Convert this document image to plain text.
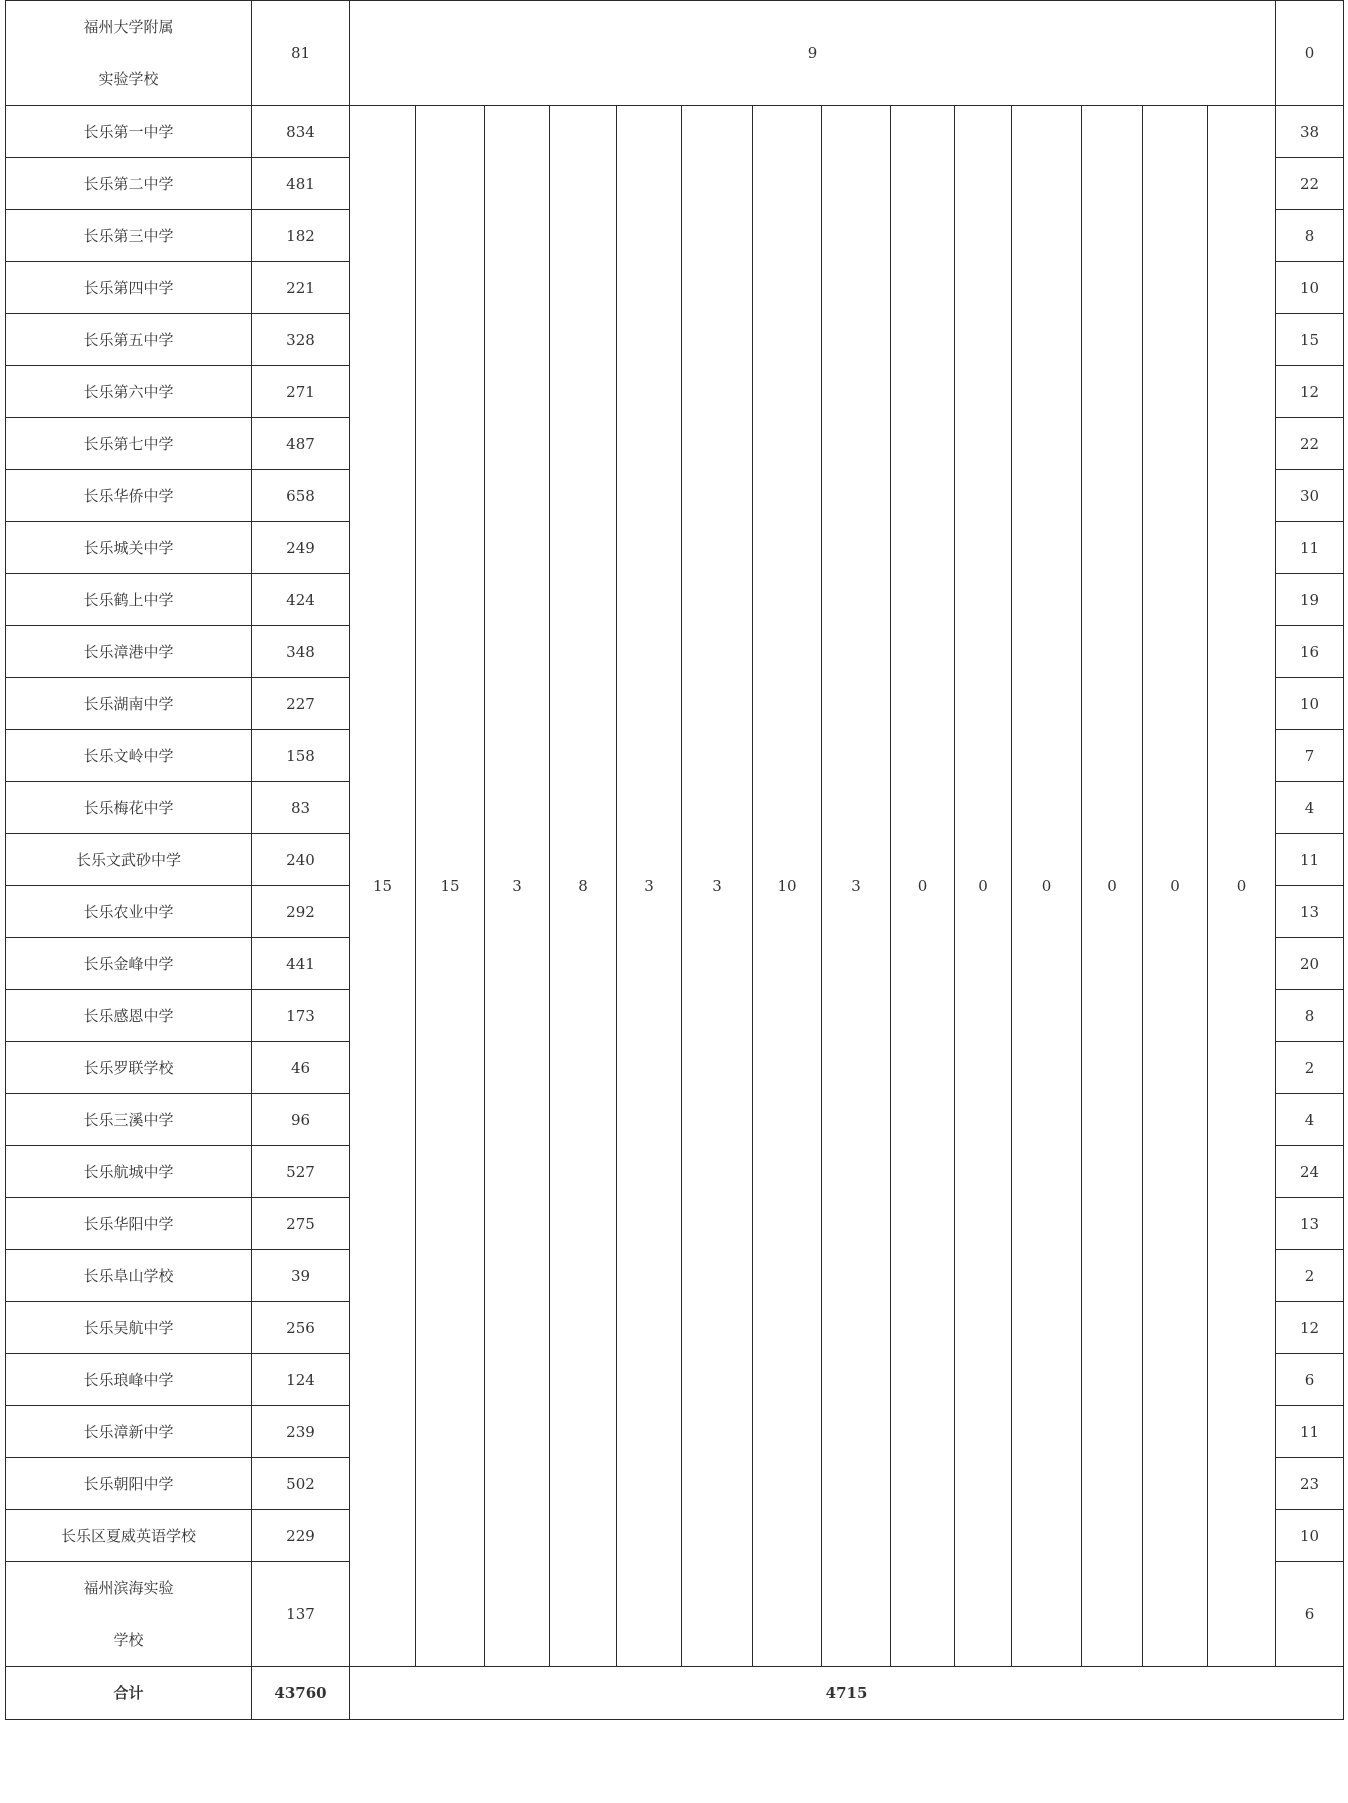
福州大学附属
实验学校	81	9														0
长乐第一中学	834	15	15	3	8	3	3	10	3	0	0	0	0	0	0	38
长乐第二中学	481															22
长乐第三中学	182															8
长乐第四中学	221															10
长乐第五中学	328															15
长乐第六中学	271															12
长乐第七中学	487															22
长乐华侨中学	658															30
长乐城关中学	249															11
长乐鹤上中学	424															19
长乐漳港中学	348															16
长乐湖南中学	227															10
长乐文岭中学	158															7
长乐梅花中学	83															4
长乐文武砂中学	240															11
长乐农业中学	292															13
长乐金峰中学	441															20
长乐感恩中学	173															8
长乐罗联学校	46															2
长乐三溪中学	96															4
长乐航城中学	527															24
长乐华阳中学	275															13
长乐阜山学校	39															2
长乐吴航中学	256															12
长乐琅峰中学	124															6
长乐漳新中学	239															11
长乐朝阳中学	502															23
长乐区夏威英语学校	229															10

福州滨海实验
学校	137															6
合计	43760	4715														
